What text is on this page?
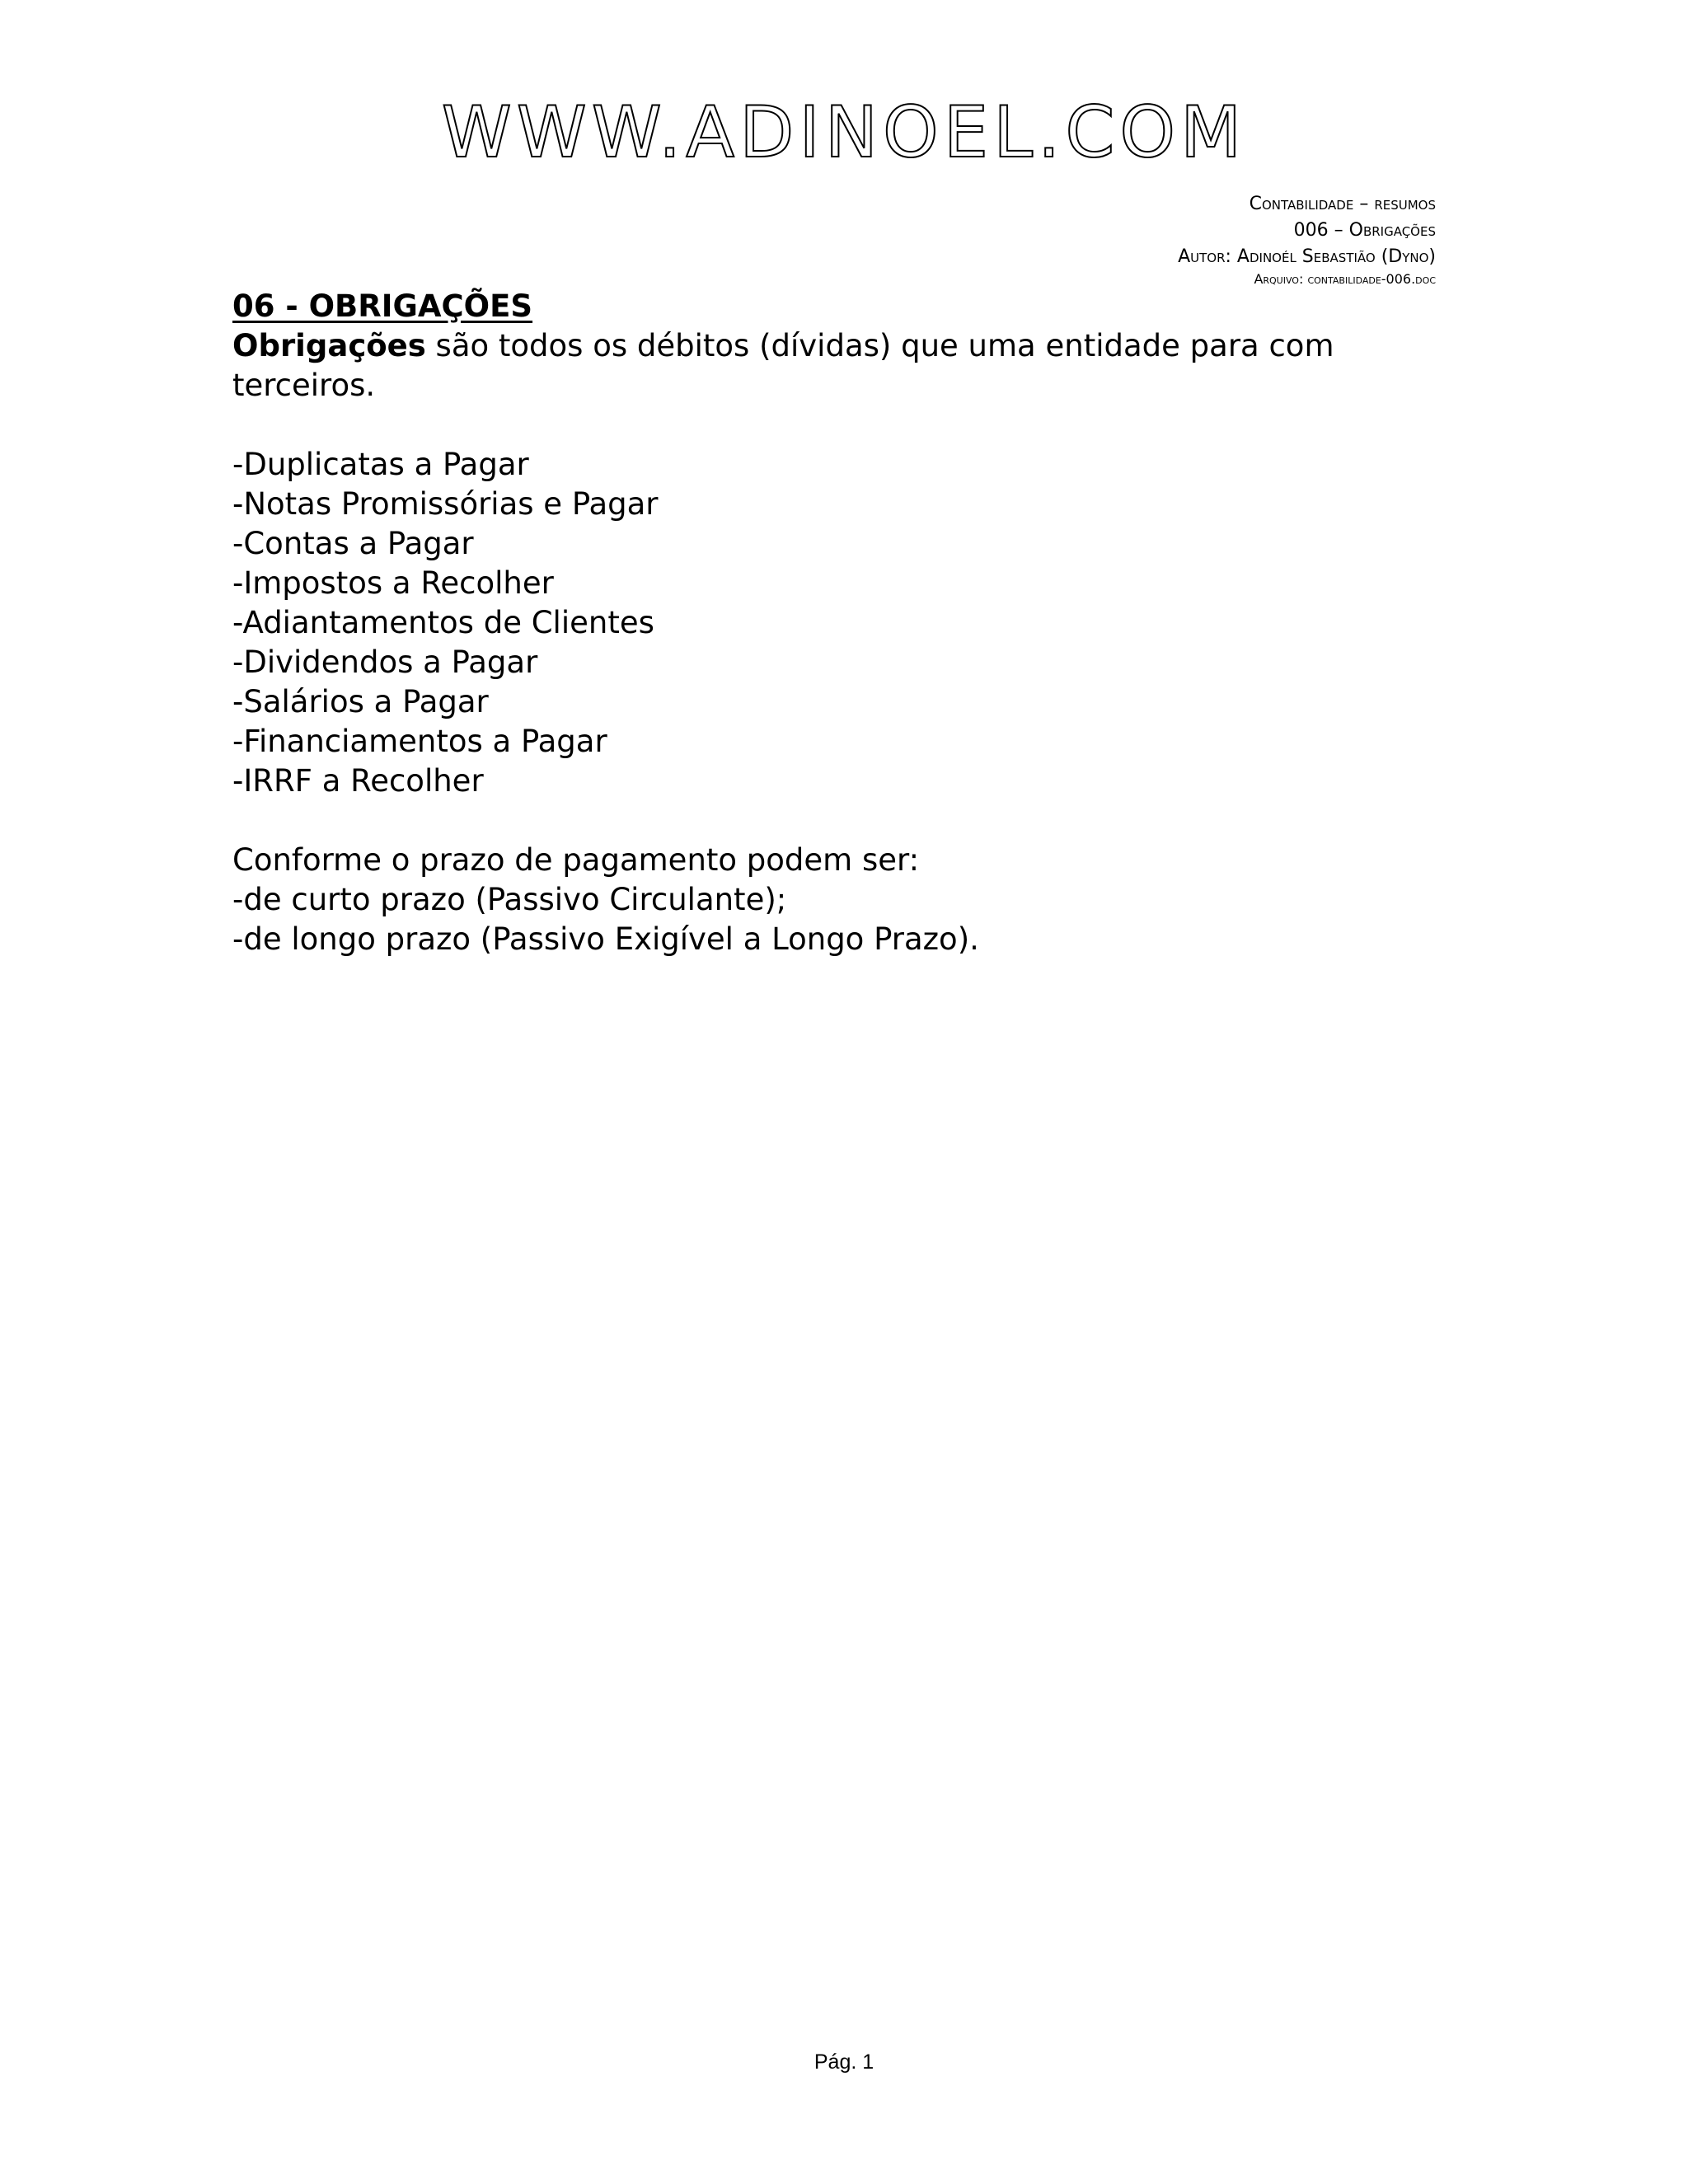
WWW.ADINOEL.COM
Contabilidade – resumos
006 – Obrigações
Autor: Adinoél Sebastião (Dyno)
Arquivo: contabilidade-006.doc
06 - OBRIGAÇÕES
Obrigações são todos os débitos (dívidas) que uma entidade para com terceiros.
-Duplicatas a Pagar
-Notas Promissórias e Pagar
-Contas a Pagar
-Impostos a Recolher
-Adiantamentos de Clientes
-Dividendos a Pagar
-Salários a Pagar
-Financiamentos a Pagar
-IRRF a Recolher
Conforme o prazo de pagamento podem ser:
-de curto prazo (Passivo Circulante);
-de longo prazo (Passivo Exigível a Longo Prazo).
Pág. 1
